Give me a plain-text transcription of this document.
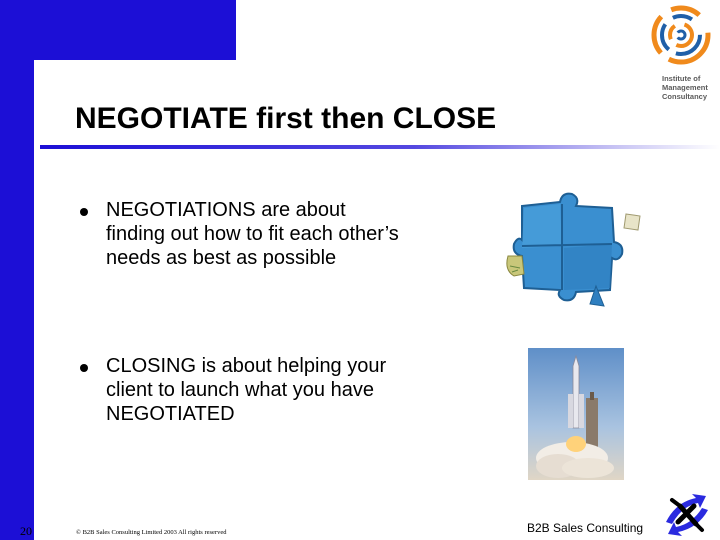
Institute of
Management
Consultancy
NEGOTIATE first then CLOSE
NEGOTIATIONS are about finding out how to fit each other’s needs as best as possible
CLOSING is about helping your client to launch what you have NEGOTIATED
20	© B2B Sales Consulting Limited 2003 All rights reserved	B2B Sales Consulting
